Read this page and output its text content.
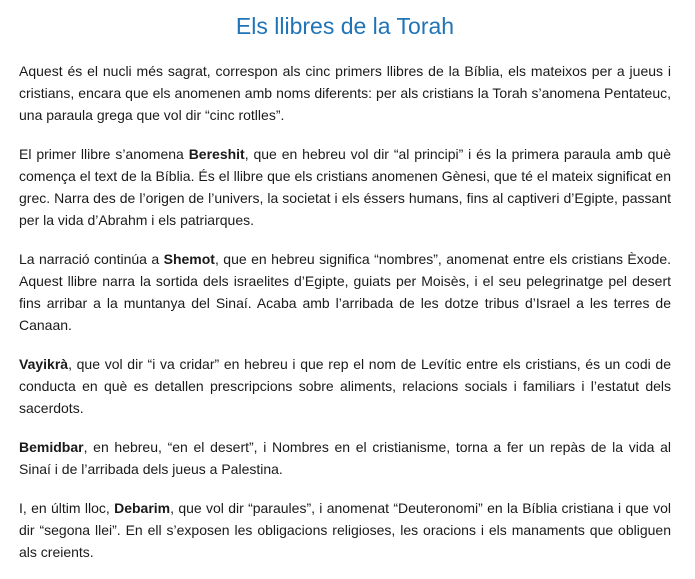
Els llibres de la Torah

Aquest és el nucli més sagrat, correspon als cinc primers llibres de la Bíblia, els mateixos per a jueus i cristians, encara que els anomenen amb noms diferents: per als cristians la Torah s’anomena Pentateuc, una paraula grega que vol dir “cinc rotlles”.

El primer llibre s’anomena Bereshit, que en hebreu vol dir “al principi” i és la primera paraula amb què comença el text de la Bíblia. És el llibre que els cristians anomenen Gènesi, que té el mateix significat en grec. Narra des de l’origen de l’univers, la societat i els éssers humans, fins al captiveri d’Egipte, passant per la vida d’Abrahm i els patriarques.

La narració continúa a Shemot, que en hebreu significa “nombres”, anomenat entre els cristians Èxode. Aquest llibre narra la sortida dels israelites d’Egipte, guiats per Moisès, i el seu pelegrinatge pel desert fins arribar a la muntanya del Sinaí. Acaba amb l’arribada de les dotze tribus d’Israel a les terres de Canaan.

Vayikrà, que vol dir “i va cridar” en hebreu i que rep el nom de Levític entre els cristians, és un codi de conducta en què es detallen prescripcions sobre aliments, relacions socials i familiars i l’estatut dels sacerdots.

Bemidbar, en hebreu, “en el desert”, i Nombres en el cristianisme, torna a fer un repàs de la vida al Sinaí i de l’arribada dels jueus a Palestina.

I, en últim lloc, Debarim, que vol dir “paraules”, i anomenat “Deuteronomi” en la Bíblia cristiana i que vol dir “segona llei”. En ell s’exposen les obligacions religioses, les oracions i els manaments que obliguen als creients.
